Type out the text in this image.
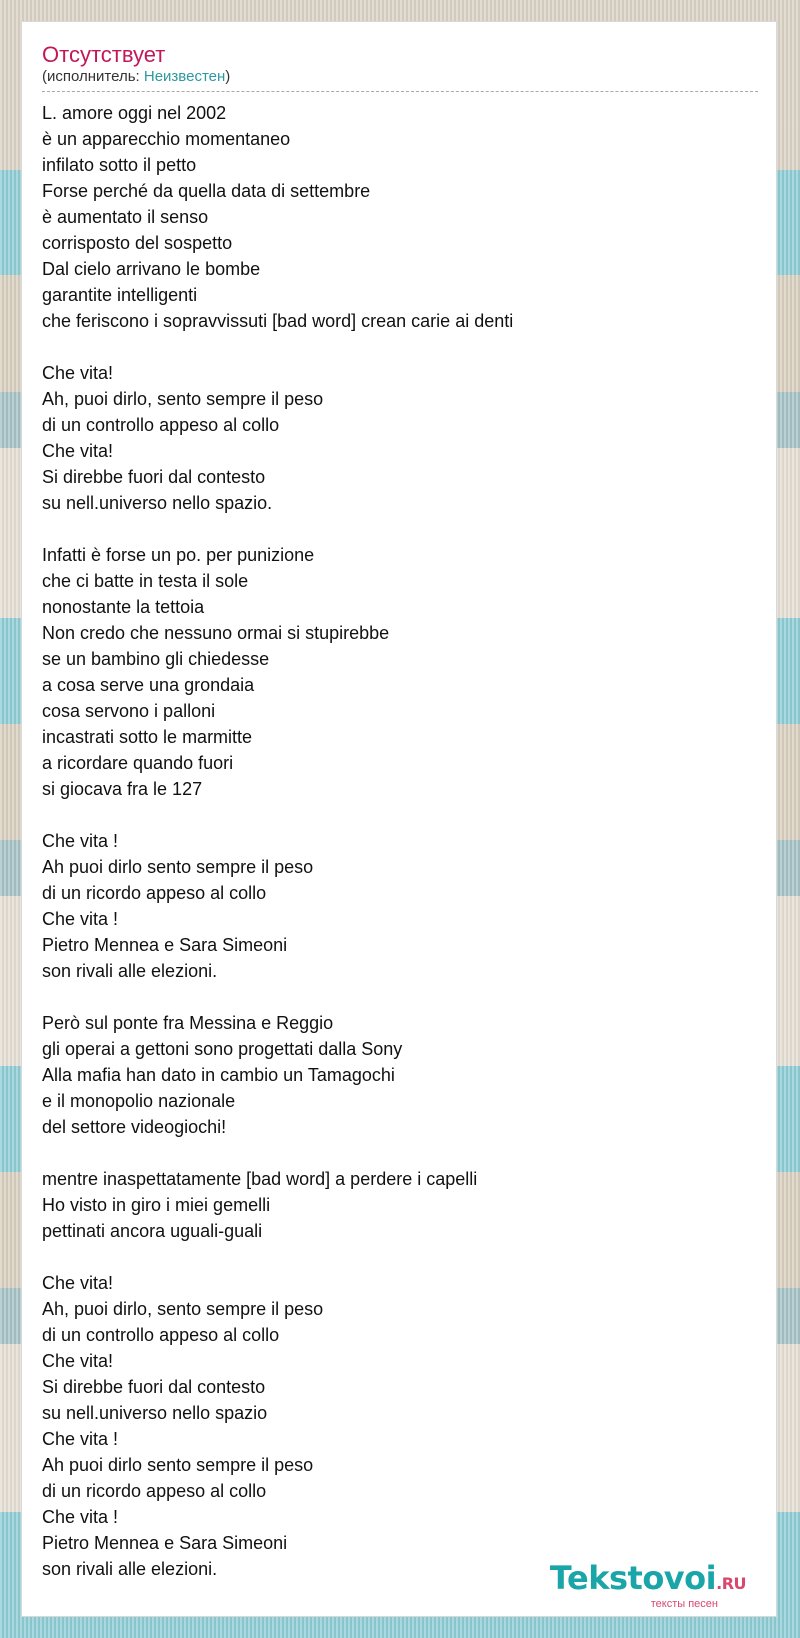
Отсутствует
(исполнитель: Неизвестен)
L. amore oggi nel 2002
è un apparecchio momentaneo
infilato sotto il petto
Forse perché da quella data di settembre
è aumentato il senso
corrisposto del sospetto
Dal cielo arrivano le bombe
garantite intelligenti
che feriscono i sopravvissuti [bad word] crean carie ai denti

Che vita!
Ah, puoi dirlo, sento sempre il peso
di un controllo appeso al collo
Che vita!
Si direbbe fuori dal contesto
su nell.universo nello spazio.

Infatti è forse un po. per punizione
che ci batte in testa il sole
nonostante la tettoia
Non credo che nessuno ormai si stupirebbe
se un bambino gli chiedesse
a cosa serve una grondaia
cosa servono i palloni
incastrati sotto le marmitte
a ricordare quando fuori
si giocava fra le 127

Che vita !
Ah puoi dirlo sento sempre il peso
di un ricordo appeso al collo
Che vita !
Pietro Mennea e Sara Simeoni
son rivali alle elezioni.

Però sul ponte fra Messina e Reggio
gli operai a gettoni sono progettati dalla Sony
Alla mafia han dato in cambio un Tamagochi
e il monopolio nazionale
del settore videogiochi!

mentre inaspettatamente [bad word] a perdere i capelli
Ho visto in giro i miei gemelli
pettinati ancora uguali-guali

Che vita!
Ah, puoi dirlo, sento sempre il peso
di un controllo appeso al collo
Che vita!
Si direbbe fuori dal contesto
su nell.universo nello spazio
Che vita !
Ah puoi dirlo sento sempre il peso
di un ricordo appeso al collo
Che vita !
Pietro Mennea e Sara Simeoni
son rivali alle elezioni.	Tekstovoi.RU
тексты песен
